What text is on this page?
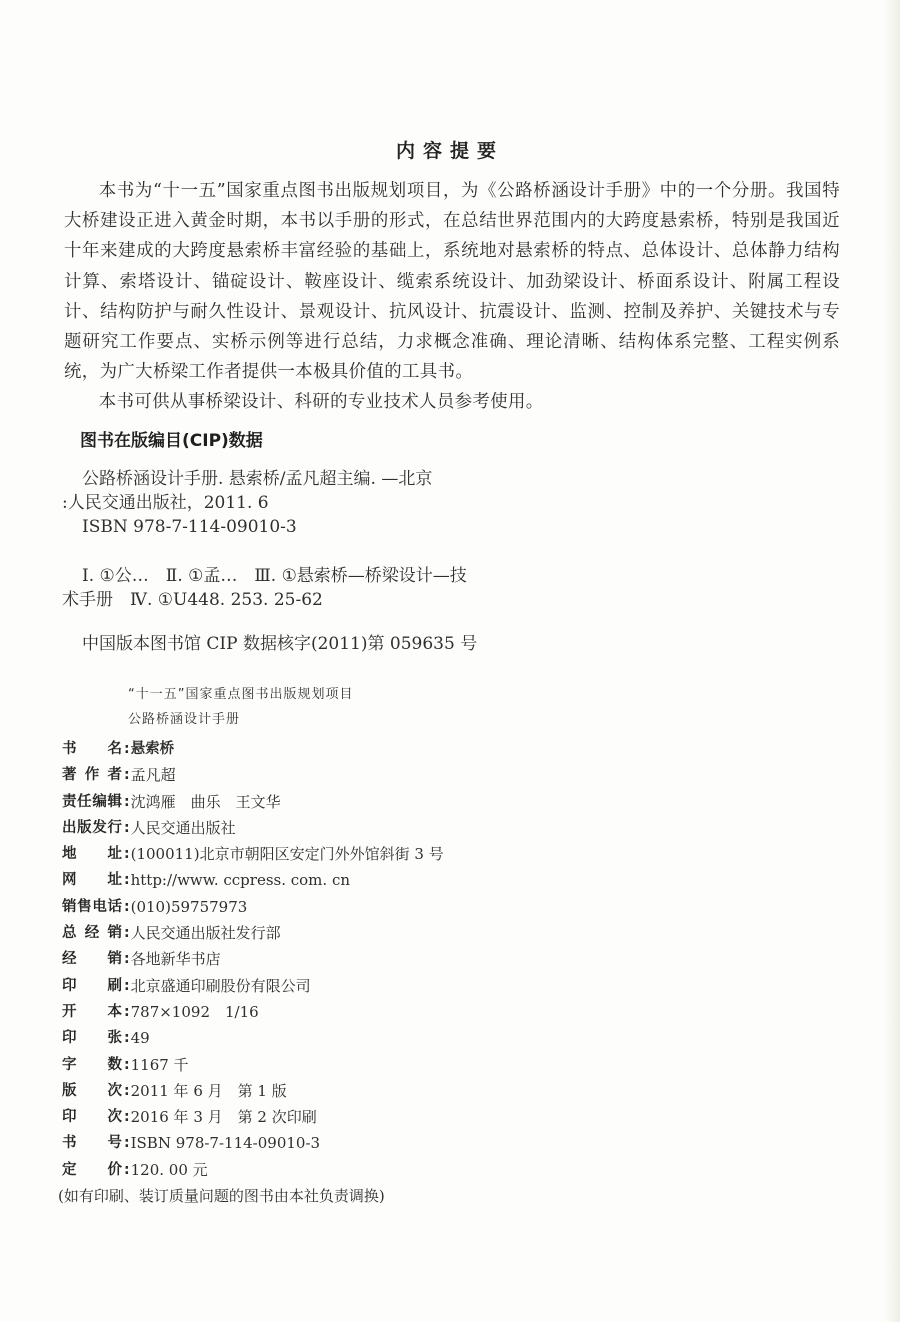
内容提要

本书为“十一五”国家重点图书出版规划项目，为《公路桥涵设计手册》中的一个分册。我国特大桥建设正进入黄金时期，本书以手册的形式，在总结世界范围内的大跨度悬索桥，特别是我国近十年来建成的大跨度悬索桥丰富经验的基础上，系统地对悬索桥的特点、总体设计、总体静力结构计算、索塔设计、锚碇设计、鞍座设计、缆索系统设计、加劲梁设计、桥面系设计、附属工程设计、结构防护与耐久性设计、景观设计、抗风设计、抗震设计、监测、控制及养护、关键技术与专题研究工作要点、实桥示例等进行总结，力求概念准确、理论清晰、结构体系完整、工程实例系统，为广大桥梁工作者提供一本极具价值的工具书。

本书可供从事桥梁设计、科研的专业技术人员参考使用。

图书在版编目(CIP)数据
公路桥涵设计手册. 悬索桥/孟凡超主编. —北京
:人民交通出版社，2011. 6
ISBN 978-7-114-09010-3
Ⅰ. ①公…　Ⅱ. ①孟…　Ⅲ. ①悬索桥—桥梁设计—技
术手册　Ⅳ. ①U448. 253. 25-62
中国版本图书馆 CIP 数据核字(2011)第 059635 号
“十一五”国家重点图书出版规划项目
公路桥涵设计手册
书名 : 悬索桥
著作者 : 孟凡超
责任编辑 : 沈鸿雁　曲乐　王文华
出版发行 : 人民交通出版社
地址 : (100011)北京市朝阳区安定门外外馆斜街 3 号
网址 : http://www. ccpress. com. cn
销售电话 : (010)59757973
总经销 : 人民交通出版社发行部
经销 : 各地新华书店
印刷 : 北京盛通印刷股份有限公司
开本 : 787×1092　1/16
印张 : 49
字数 : 1167 千
版次 : 2011 年 6 月　第 1 版
印次 : 2016 年 3 月　第 2 次印刷
书号 : ISBN 978-7-114-09010-3
定价 : 120. 00 元
(如有印刷、装订质量问题的图书由本社负责调换)
